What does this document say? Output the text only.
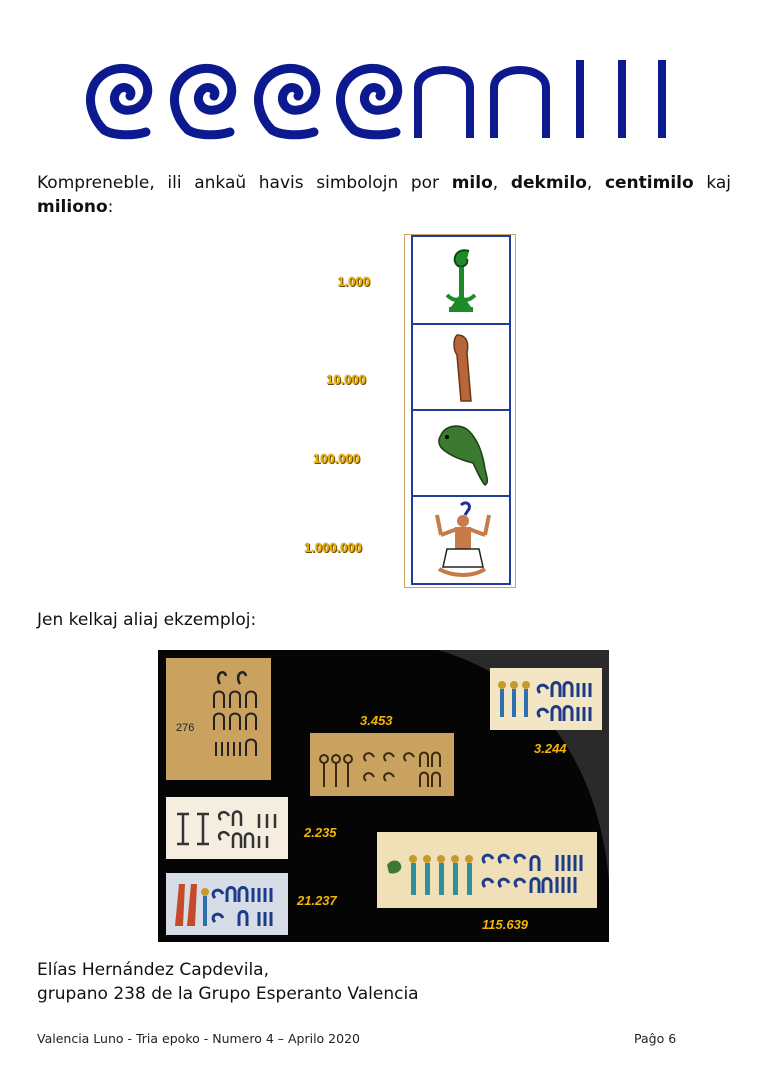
Kompreneble, ili ankaŭ havis simbolojn por milo, dekmilo, centimilo kaj miliono:
1.000
10.000
100.000
1.000.000
Jen kelkaj aliaj ekzemploj:
276	3.453
3.244
2.235
115.639
21.237
Elías Hernández Capdevila,
grupano 238 de la Grupo Esperanto Valencia
Valencia Luno - Tria epoko - Numero 4 – Aprilo 2020	Paĝo 6
